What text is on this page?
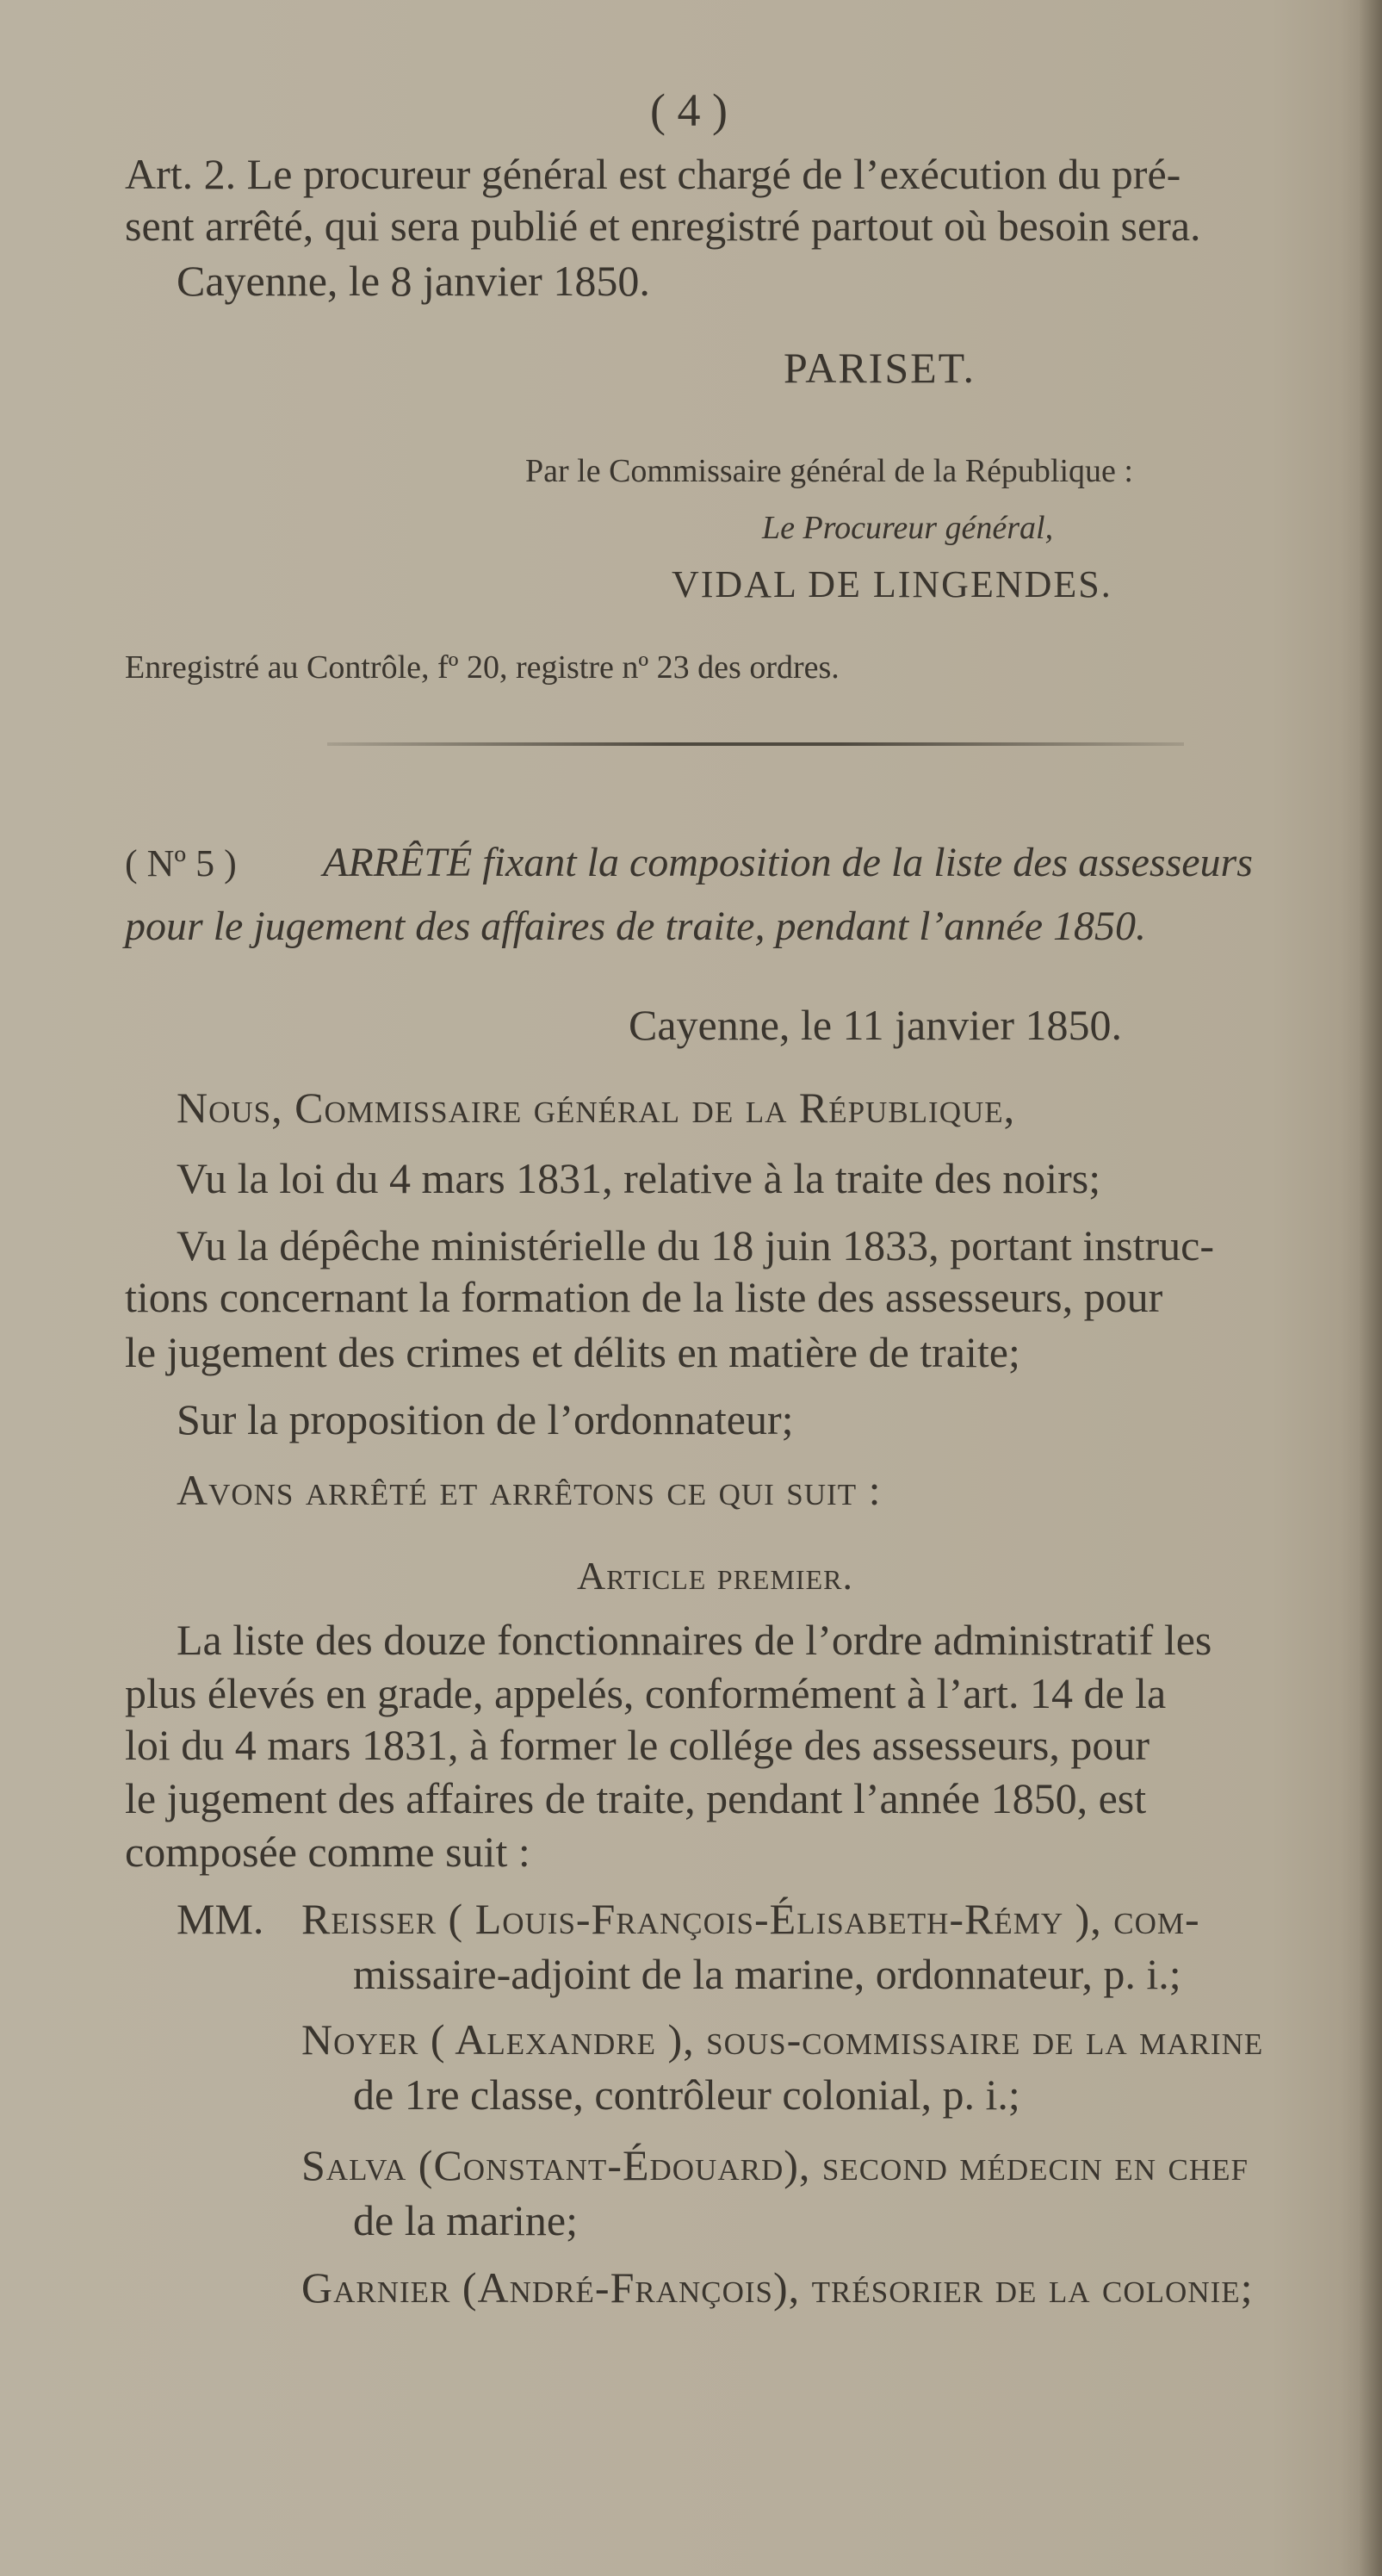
( 4 )

Art. 2. Le procureur général est chargé de l’exécution du pré-

sent arrêté, qui sera publié et enregistré partout où besoin sera.

Cayenne, le 8 janvier 1850.

PARISET.

Par le Commissaire général de la République :

Le Procureur général,

VIDAL DE LINGENDES.

Enregistré au Contrôle, fº 20, registre nº 23 des ordres.

( Nº 5 ) ARRÊTÉ fixant la composition de la liste des assesseurs

pour le jugement des affaires de traite, pendant l’année 1850.

Cayenne, le 11 janvier 1850.

Nous, Commissaire général de la République,

Vu la loi du 4 mars 1831, relative à la traite des noirs;

Vu la dépêche ministérielle du 18 juin 1833, portant instruc-

tions concernant la formation de la liste des assesseurs, pour

le jugement des crimes et délits en matière de traite;

Sur la proposition de l’ordonnateur;

Avons arrêté et arrêtons ce qui suit :

Article premier.

La liste des douze fonctionnaires de l’ordre administratif les

plus élevés en grade, appelés, conformément à l’art. 14 de la

loi du 4 mars 1831, à former le collége des assesseurs, pour

le jugement des affaires de traite, pendant l’année 1850, est

composée comme suit :

MM. Reisser ( Louis-François-Élisabeth-Rémy ), com-

missaire-adjoint de la marine, ordonnateur, p. i.;

Noyer ( Alexandre ), sous-commissaire de la marine

de 1re classe, contrôleur colonial, p. i.;

Salva (Constant-Édouard), second médecin en chef

de la marine;

Garnier (André-François), trésorier de la colonie;
